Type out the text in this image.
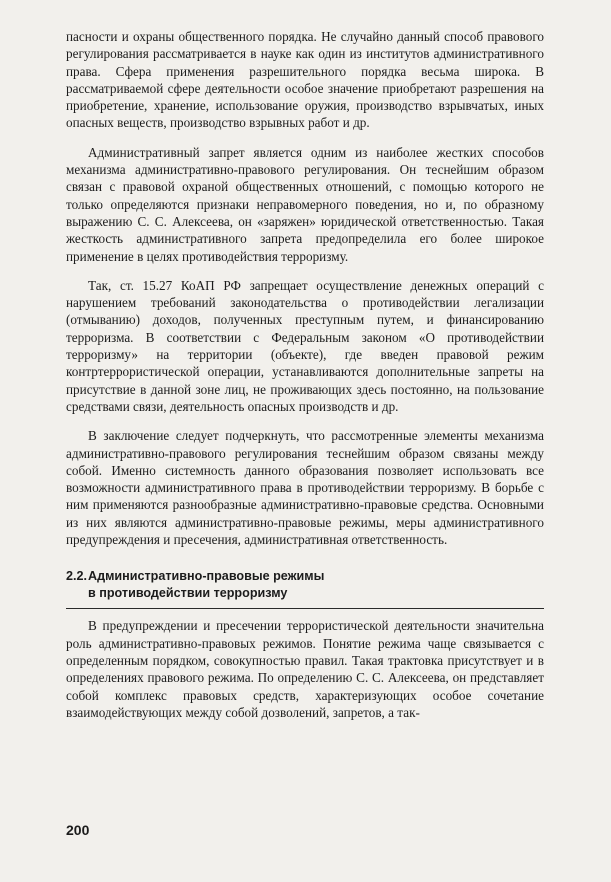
пасности и охраны общественного порядка. Не случайно данный способ правового регулирования рассматривается в науке как один из институтов административного права. Сфера применения разрешительного порядка весьма широка. В рассматриваемой сфере деятельности особое значение приобретают разрешения на приобретение, хранение, использование оружия, производство взрывчатых, иных опасных веществ, производство взрывных работ и др.

Административный запрет является одним из наиболее жестких способов механизма административно-правового регулирования. Он теснейшим образом связан с правовой охраной общественных отношений, с помощью которого не только определяются признаки неправомерного поведения, но и, по образному выражению С. С. Алексеева, он «заряжен» юридической ответственностью. Такая жесткость административного запрета предопределила его более широкое применение в целях противодействия терроризму.

Так, ст. 15.27 КоАП РФ запрещает осуществление денежных операций с нарушением требований законодательства о противодействии легализации (отмыванию) доходов, полученных преступным путем, и финансированию терроризма. В соответствии с Федеральным законом «О противодействии терроризму» на территории (объекте), где введен правовой режим контртеррористической операции, устанавливаются дополнительные запреты на присутствие в данной зоне лиц, не проживающих здесь постоянно, на пользование средствами связи, деятельность опасных производств и др.

В заключение следует подчеркнуть, что рассмотренные элементы механизма административно-правового регулирования теснейшим образом связаны между собой. Именно системность данного образования позволяет использовать все возможности административного права в противодействии терроризму. В борьбе с ним применяются разнообразные административно-правовые средства. Основными из них являются административно-правовые режимы, меры административного предупреждения и пресечения, административная ответственность.

2.2.Административно-правовые режимы
в противодействии терроризму

В предупреждении и пресечении террористической деятельности значительна роль административно-правовых режимов. Понятие режима чаще связывается с определенным порядком, совокупностью правил. Такая трактовка присутствует и в определениях правового режима. По определению С. С. Алексеева, он представляет собой комплекс правовых средств, характеризующих особое сочетание взаимодействующих между собой дозволений, запретов, а так-

200
